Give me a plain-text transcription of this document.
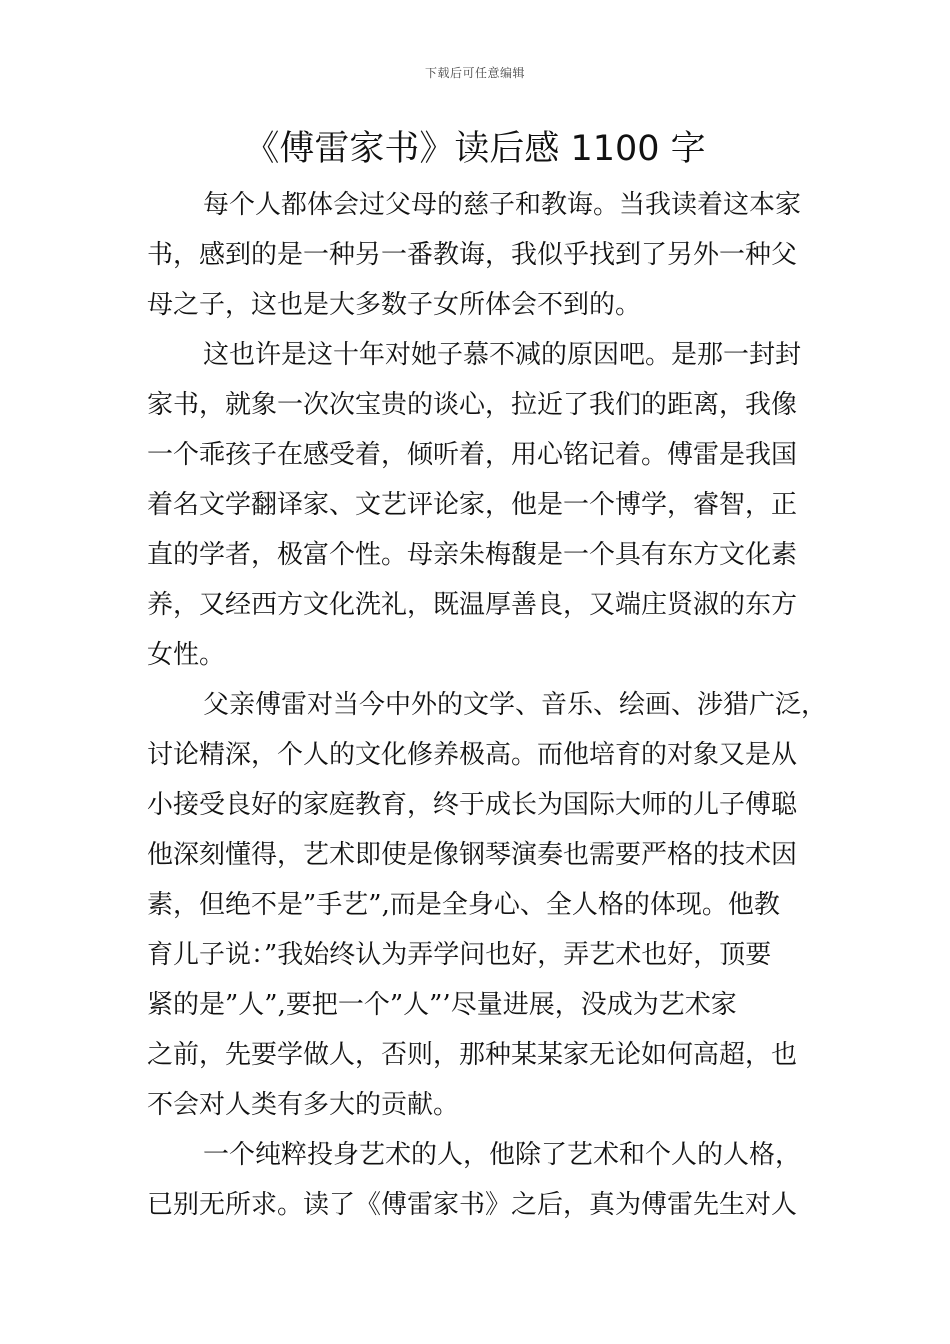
下载后可任意编辑
《傅雷家书》读后感 1100 字
每个人都体会过父母的慈子和教诲。当我读着这本家
书，感到的是一种另一番教诲，我似乎找到了另外一种父
母之子，这也是大多数子女所体会不到的。
这也许是这十年对她子慕不减的原因吧。是那一封封
家书，就象一次次宝贵的谈心，拉近了我们的距离，我像
一个乖孩子在感受着，倾听着，用心铭记着。傅雷是我国
着名文学翻译家、文艺评论家，他是一个博学，睿智，正
直的学者，极富个性。母亲朱梅馥是一个具有东方文化素
养，又经西方文化洗礼，既温厚善良，又端庄贤淑的东方
女性。
父亲傅雷对当今中外的文学、音乐、绘画、涉猎广泛，
讨论精深，个人的文化修养极高。而他培育的对象又是从
小接受良好的家庭教育，终于成长为国际大师的儿子傅聪
他深刻懂得，艺术即使是像钢琴演奏也需要严格的技术因
素，但绝不是”手艺”,而是全身心、全人格的体现。他教
育儿子说：”我始终认为弄学问也好，弄艺术也好，顶要
紧的是”人”,要把一个”人”’尽量进展，没成为艺术家
之前，先要学做人，否则，那种某某家无论如何高超，也
不会对人类有多大的贡献。
一个纯粹投身艺术的人，他除了艺术和个人的人格，
已别无所求。读了《傅雷家书》之后，真为傅雷先生对人
